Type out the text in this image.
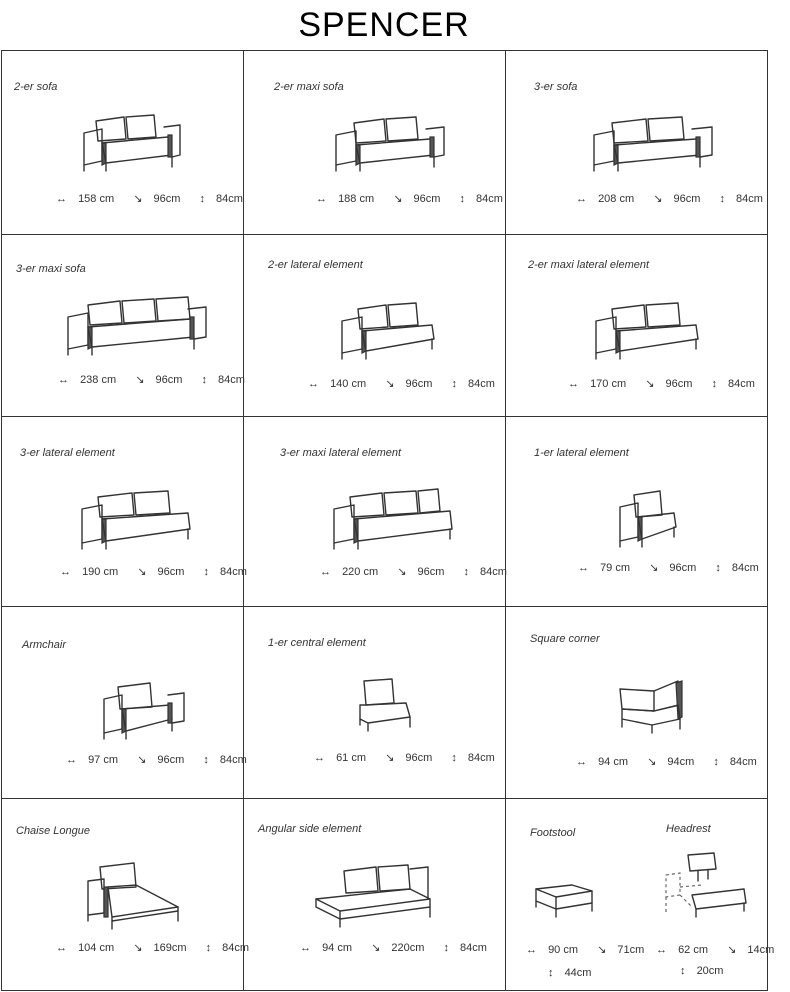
SPENCER
2-er sofa
↔ 158 cm ↘ 96cm ↕ 84cm
2-er maxi sofa
↔ 188 cm ↘ 96cm ↕ 84cm
3-er sofa
↔ 208 cm ↘ 96cm ↕ 84cm
3-er maxi sofa
↔ 238 cm ↘ 96cm ↕ 84cm
2-er lateral element
↔ 140 cm ↘ 96cm ↕ 84cm
2-er maxi lateral element
↔ 170 cm ↘ 96cm ↕ 84cm
3-er lateral element
↔ 190 cm ↘ 96cm ↕ 84cm
3-er maxi lateral element
↔ 220 cm ↘ 96cm ↕ 84cm
1-er lateral element
↔ 79 cm ↘ 96cm ↕ 84cm
Armchair
↔ 97 cm ↘ 96cm ↕ 84cm
1-er central element
↔ 61 cm ↘ 96cm ↕ 84cm
Square corner
↔ 94 cm ↘ 94cm ↕ 84cm
Chaise Longue
↔ 104 cm ↘ 169cm ↕ 84cm
Angular side element
↔ 94 cm ↘ 220cm ↕ 84cm
Footstool	Headrest
↔ 90 cm ↘ 71cm
↕ 44cm
↔ 62 cm ↘ 14cm
↕ 20cm
